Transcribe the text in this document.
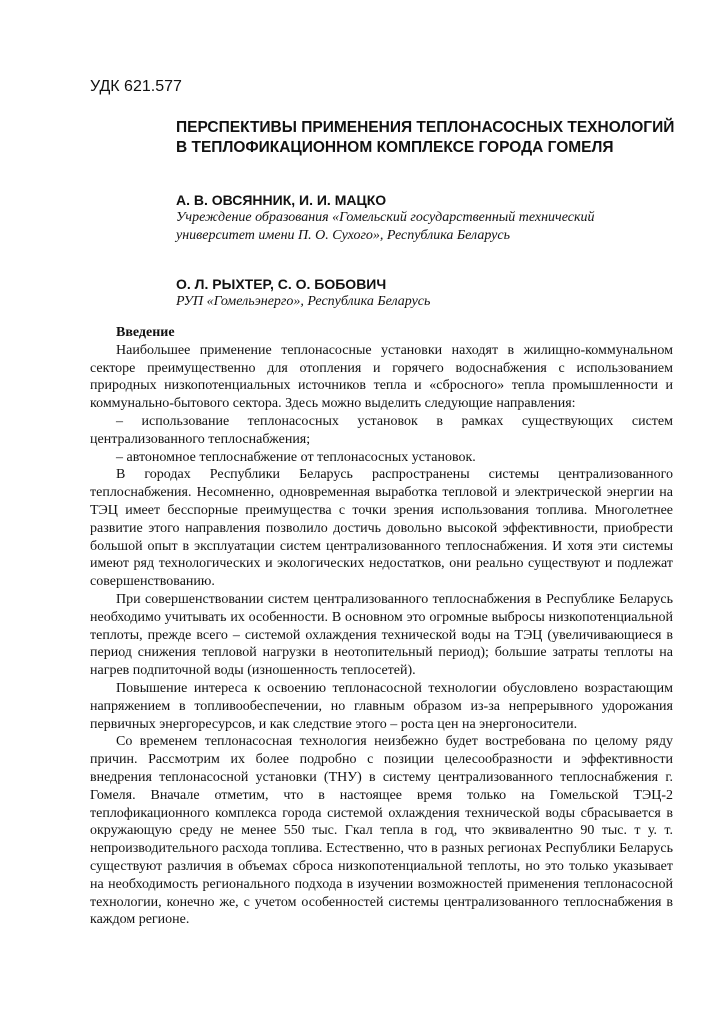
УДК 621.577
ПЕРСПЕКТИВЫ ПРИМЕНЕНИЯ ТЕПЛОНАСОСНЫХ ТЕХНОЛОГИЙ В ТЕПЛОФИКАЦИОННОМ КОМПЛЕКСЕ ГОРОДА ГОМЕЛЯ
А. В. ОВСЯННИК, И. И. МАЦКО
Учреждение образования «Гомельский государственный технический университет имени П. О. Сухого», Республика Беларусь
О. Л. РЫХТЕР, С. О. БОБОВИЧ
РУП «Гомельэнерго», Республика Беларусь

Введение

Наибольшее применение теплонасосные установки находят в жилищно-коммунальном секторе преимущественно для отопления и горячего водоснабжения с использованием природных низкопотенциальных источников тепла и «сбросного» тепла промышленности и коммунально-бытового сектора. Здесь можно выделить следующие направления:

– использование теплонасосных установок в рамках существующих систем централизованного теплоснабжения;

– автономное теплоснабжение от теплонасосных установок.

В городах Республики Беларусь распространены системы централизованного теплоснабжения. Несомненно, одновременная выработка тепловой и электрической энергии на ТЭЦ имеет бесспорные преимущества с точки зрения использования топлива. Многолетнее развитие этого направления позволило достичь довольно высокой эффективности, приобрести большой опыт в эксплуатации систем централизованного теплоснабжения. И хотя эти системы имеют ряд технологических и экологических недостатков, они реально существуют и подлежат совершенствованию.

При совершенствовании систем централизованного теплоснабжения в Республике Беларусь необходимо учитывать их особенности. В основном это огромные выбросы низкопотенциальной теплоты, прежде всего – системой охлаждения технической воды на ТЭЦ (увеличивающиеся в период снижения тепловой нагрузки в неотопительный период); большие затраты теплоты на нагрев подпиточной воды (изношенность теплосетей).

Повышение интереса к освоению теплонасосной технологии обусловлено возрастающим напряжением в топливообеспечении, но главным образом из-за непрерывного удорожания первичных энергоресурсов, и как следствие этого – роста цен на энергоносители.

Со временем теплонасосная технология неизбежно будет востребована по целому ряду причин. Рассмотрим их более подробно с позиции целесообразности и эффективности внедрения теплонасосной установки (ТНУ) в систему централизованного теплоснабжения г. Гомеля. Вначале отметим, что в настоящее время только на Гомельской ТЭЦ-2 теплофикационного комплекса города системой охлаждения технической воды сбрасывается в окружающую среду не менее 550 тыс. Гкал тепла в год, что эквивалентно 90 тыс. т у. т. непроизводительного расхода топлива. Естественно, что в разных регионах Республики Беларусь существуют различия в объемах сброса низкопотенциальной теплоты, но это только указывает на необходимость регионального подхода в изучении возможностей применения теплонасосной технологии, конечно же, с учетом особенностей системы централизованного теплоснабжения в каждом регионе.
